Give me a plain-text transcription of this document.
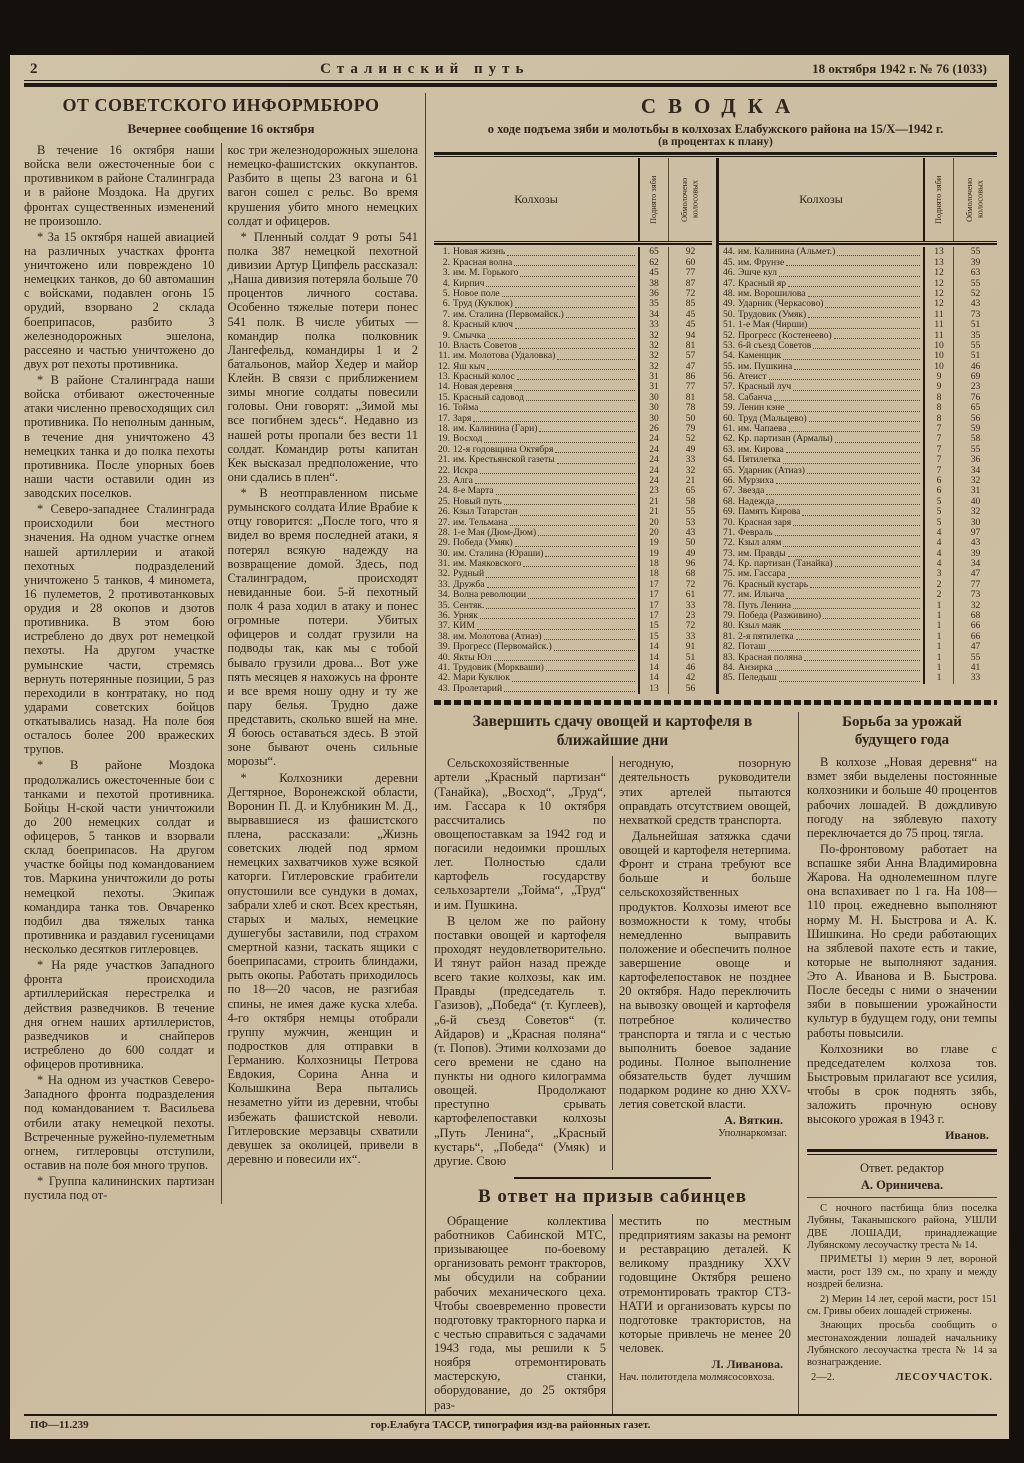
2	Сталинский путь	18 октября 1942 г. № 76 (1033)
ОТ СОВЕТСКОГО ИНФОРМБЮРО
Вечернее сообщение 16 октября

В течение 16 октября наши войска вели ожесточенные бои с противником в районе Сталинграда и в районе Моздока. На других фронтах существенных изменений не произошло.

* За 15 октября нашей авиацией на различных участках фронта уничтожено или повреждено 10 немецких танков, до 60 автомашин с войсками, подавлен огонь 15 орудий, взорвано 2 склада боеприпасов, разбито 3 железнодорожных эшелона, рассеяно и частью уничтожено до двух рот пехоты противника.

* В районе Сталинграда наши войска отбивают ожесточенные атаки численно превосходящих сил противника. По неполным данным, в течение дня уничтожено 43 немецких танка и до полка пехоты противника. После упорных боев наши части оставили один из заводских поселков.

* Северо-западнее Сталинграда происходили бои местного значения. На одном участке огнем нашей артиллерии и атакой пехотных подразделений уничтожено 5 танков, 4 миномета, 16 пулеметов, 2 противотанковых орудия и 28 окопов и дзотов противника. В этом бою истреблено до двух рот немецкой пехоты. На другом участке румынские части, стремясь вернуть потерянные позиции, 5 раз переходили в контратаку, но под ударами советских бойцов откатывались назад. На поле боя осталось более 200 вражеских трупов.

* В районе Моздока продолжались ожесточенные бои с танками и пехотой противника. Бойцы Н-ской части уничтожили до 200 немецких солдат и офицеров, 5 танков и взорвали склад боеприпасов. На другом участке бойцы под командованием тов. Маркина уничтожили до роты немецкой пехоты. Экипаж командира танка тов. Овчаренко подбил два тяжелых танка противника и раздавил гусеницами несколько десятков гитлеровцев.

* На ряде участков Западного фронта происходила артиллерийская перестрелка и действия разведчиков. В течение дня огнем наших артиллеристов, разведчиков и снайперов истреблено до 600 солдат и офицеров противника.

* На одном из участков Северо-Западного фронта подразделения под командованием т. Васильева отбили атаку немецкой пехоты. Встреченные ружейно-пулеметным огнем, гитлеровцы отступили, оставив на поле боя много трупов.

* Группа калининских партизан пустила под от-

кос три железнодорожных эшелона немецко-фашистских оккупантов. Разбито в щепы 23 вагона и 61 вагон сошел с рельс. Во время крушения убито много немецких солдат и офицеров.

* Пленный солдат 9 роты 541 полка 387 немецкой пехотной дивизии Артур Ципфель рассказал: „Наша дивизия потеряла больше 70 процентов личного состава. Особенно тяжелые потери понес 541 полк. В числе убитых — командир полка полковник Лангефельд, командиры 1 и 2 батальонов, майор Хедер и майор Клейн. В связи с приближением зимы многие солдаты повесили головы. Они говорят: „Зимой мы все погибнем здесь“. Недавно из нашей роты пропали без вести 11 солдат. Командир роты капитан Кек высказал предположение, что они сдались в плен“.

* В неотправленном письме румынского солдата Илие Врабие к отцу говорится: „После того, что я видел во время последней атаки, я потерял всякую надежду на возвращение домой. Здесь, под Сталинградом, происходят невиданные бои. 5-й пехотный полк 4 раза ходил в атаку и понес огромные потери. Убитых офицеров и солдат грузили на подводы так, как мы с тобой бывало грузили дрова... Вот уже пять месяцев я нахожусь на фронте и все время ношу одну и ту же пару белья. Трудно даже представить, сколько вшей на мне. Я боюсь оставаться здесь. В этой зоне бывают очень сильные морозы“.

* Колхозники деревни Дегтярное, Воронежской области, Воронин П. Д. и Клубникин М. Д., вырвавшиеся из фашистского плена, рассказали: „Жизнь советских людей под ярмом немецких захватчиков хуже всякой каторги. Гитлеровские грабители опустошили все сундуки в домах, забрали хлеб и скот. Всех крестьян, старых и малых, немецкие душегубы заставили, под страхом смертной казни, таскать ящики с боеприпасами, строить блиндажи, рыть окопы. Работать приходилось по 18—20 часов, не разгибая спины, не имея даже куска хлеба. 4-го октября немцы отобрали группу мужчин, женщин и подростков для отправки в Германию. Колхозницы Петрова Евдокия, Сорина Анна и Колышкина Вера пытались незаметно уйти из деревни, чтобы избежать фашистской неволи. Гитлеровские мерзавцы схватили девушек за околицей, привели в деревню и повесили их“.

СВОДКА
о ходе подъема зяби и молотьбы в колхозах Елабужского района на 15/X—1942 г.
(в процентах к плану)
Колхозы	Поднято зяби	Обмолочено колосовых
1. Новая жизнь	65	92
2. Красная волна	62	60
3. им. М. Горького	45	77
4. Кирпич	38	87
5. Новое поле	36	72
6. Труд (Куклюк)	35	85
7. им. Сталина (Первомайск.)	34	45
8. Красный ключ	33	45
9. Смычка	32	94
10. Власть Советов	32	81
11. им. Молотова (Удаловка)	32	57
12. Яш кыч	32	47
13. Красный колос	31	86
14. Новая деревня	31	77
15. Красный садовод	30	81
16. Тойма	30	78
17. Заря	30	50
18. им. Калинина (Гари)	26	79
19. Восход	24	52
20. 12-я годовщина Октября	24	49
21. им. Крестьянской газеты	24	33
22. Искра	24	32
23. Алга	24	21
24. 8-е Марта	23	65
25. Новый путь	21	58
26. Кзыл Татарстан	21	55
27. им. Тельмана	20	53
28. 1-е Мая (Дюм-Дюм)	20	43
29. Победа (Умяк)	19	50
30. им. Сталина (Юраши)	19	49
31. им. Маяковского	18	96
32. Рудный	18	68
33. Дружба	17	72
34. Волна революции	17	61
35. Сентяк.	17	33
36. Урняк	17	23
37. КИМ	15	72
38. им. Молотова (Атиаз)	15	33
39. Прогресс (Первомайск.)	14	91
40. Якты Юл	14	51
41. Трудовик (Моркваши)	14	46
42. Мари Куклюк	14	42
43. Пролетарий	13	56
Колхозы	Поднято зяби	Обмолочено колосовых
44. им. Калинина (Альмет.)	13	55
45. им. Фрунзе	13	39
46. Эшче кул	12	63
47. Красный яр	12	55
48. им. Ворошилова	12	52
49. Ударник (Черкасово)	12	43
50. Трудовик (Умяк)	11	73
51. 1-е Мая (Чирши)	11	51
52. Прогресс (Костенеево)	11	35
53. 6-й съезд Советов	10	55
54. Каменщик	10	51
55. им. Пушкина	10	46
56. Атеист	9	69
57. Красный луч	9	23
58. Сабанча	8	76
59. Ленин кэне	8	65
60. Труд (Мальцево)	8	56
61. им. Чапаева	7	59
62. Кр. партизан (Армалы)	7	58
63. им. Кирова	7	55
64. Пятилетка	7	36
65. Ударник (Атиаз)	7	34
66. Мурзиха	6	32
67. Звезда	6	31
68. Надежда	5	40
69. Память Кирова	5	32
70. Красная заря	5	30
71. Февраль	4	97
72. Кзыл алям	4	43
73. им. Правды	4	39
74. Кр. партизан (Танайка)	4	34
75. им. Гассара	3	47
76. Красный кустарь	2	77
77. им. Ильича	2	73
78. Путь Ленина	1	32
79. Победа (Разживино)	1	68
80. Кзыл маяк	1	66
81. 2-я пятилетка	1	66
82. Поташ	1	47
83. Красная поляна	1	55
84. Анзирка	1	41
85. Пеледыш	1	33
Завершить сдачу овощей и картофеля в ближайшие дни

Сельскохозяйственные артели „Красный партизан“ (Танайка), „Восход“, „Труд“, им. Гассара к 10 октября рассчитались по овощепоставкам за 1942 год и погасили недоимки прошлых лет. Полностью сдали картофель государству сельхозартели „Тойма“, „Труд“ и им. Пушкина.

В целом же по району поставки овощей и картофеля проходят неудовлетворительно. И тянут район назад прежде всего такие колхозы, как им. Правды (председатель т. Газизов), „Победа“ (т. Куглеев), „6-й съезд Советов“ (т. Айдаров) и „Красная поляна“ (т. Попов). Этими колхозами до сего времени не сдано на пункты ни одного килограмма овощей. Продолжают преступно срывать картофелепоставки колхозы „Путь Ленина“, „Красный кустарь“, „Победа“ (Умяк) и другие. Свою

негодную, позорную деятельность руководители этих артелей пытаются оправдать отсутствием овощей, нехваткой средств транспорта.

Дальнейшая затяжка сдачи овощей и картофеля нетерпима. Фронт и страна требуют все больше и больше сельскохозяйственных продуктов. Колхозы имеют все возможности к тому, чтобы немедленно выправить положение и обеспечить полное завершение овоще и картофелепоставок не позднее 20 октября. Надо переключить на вывозку овощей и картофеля потребное количество транспорта и тягла и с честью выполнить боевое задание родины. Полное выполнение обязательств будет лучшим подарком родине ко дню XXV-летия советской власти.

А. Вяткин.
Уполнаркомзаг.
В ответ на призыв сабинцев

Обращение коллектива работников Сабинской МТС, призывающее по-боевому организовать ремонт тракторов, мы обсудили на собрании рабочих механического цеха. Чтобы своевременно провести подготовку тракторного парка и с честью справиться с задачами 1943 года, мы решили к 5 ноября отремонтировать мастерскую, станки, оборудование, до 25 октября раз-

местить по местным предприятиям заказы на ремонт и реставрацию деталей. К великому празднику XXV годовщине Октября решено отремонтировать трактор СТЗ-НАТИ и организовать курсы по подготовке трактористов, на которые привлечь не менее 20 человек.

Л. Ливанова.
Нач. политотдела молмясосовхоза.
Борьба за урожай будущего года

В колхозе „Новая деревня“ на взмет зяби выделены постоянные колхозники и больше 40 процентов рабочих лошадей. В дождливую погоду на зяблевую пахоту переключается до 75 проц. тягла.

По-фронтовому работает на вспашке зяби Анна Владимировна Жарова. На однолемешном плуге она вспахивает по 1 га. На 108—110 проц. ежедневно выполняют норму М. Н. Быстрова и А. К. Шишкина. Но среди работающих на зяблевой пахоте есть и такие, которые не выполняют задания. Это А. Иванова и В. Быстрова. После беседы с ними о значении зяби в повышении урожайности культур в будущем году, они темпы работы повысили.

Колхозники во главе с председателем колхоза тов. Быстровым прилагают все усилия, чтобы в срок поднять зябь, заложить прочную основу высокого урожая в 1943 г.

Иванов.
Ответ. редактор
А. Ориничева.

С ночного пастбища близ поселка Лубяны, Таканышского района, УШЛИ ДВЕ ЛОШАДИ, принадлежащие Лубянскому лесоучастку треста № 14.

ПРИМЕТЫ 1) мерин 9 лет, вороной масти, рост 139 см., по храпу и между ноздрей белизна.

2) Мерин 14 лет, серой масти, рост 151 см. Гривы обеих лошадей стрижены.

Знающих просьба сообщить о местонахождении лошадей начальнику Лубянского лесоучастка треста № 14 за вознаграждение.

2—2.	ЛЕСОУЧАСТОК.
ПФ—11.239	гор.Елабуга ТАССР, типография изд-ва районных газет.
